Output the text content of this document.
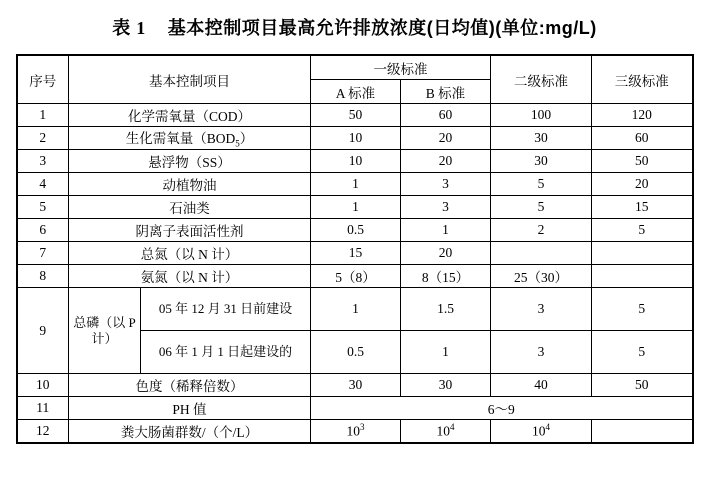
表 1 基本控制项目最高允许排放浓度(日均值)(单位:mg/L)
序号	基本控制项目		一级标准		二级标准	三级标准
			A 标准	B 标准		
1	化学需氧量（COD）		50	60	100	120
2	生化需氧量$(BOD_5)$		10	20	30	60
3	悬浮物（SS）		10	20	30	50
4	动植物油		1	3	5	20
5	石油类		1	3	5	15
6	阴离子表面活性剂		0.5	1	2	5
7	总氮（以 N 计）		15	20		
8	氨氮（以 N 计）		5（8）	8（15）	25（30）	
9	总磷（以 P 计）	05 年 12 月 31 日前建设	1	1.5	3	5
		06 年 1 月 1 日起建设的	0.5	1	3	5
10	色度（稀释倍数）		30	30	40	50
11	PH 值		6～9			
12	粪大肠菌群数/（个/L）		$10^3$	$10^4$	$10^4$	
